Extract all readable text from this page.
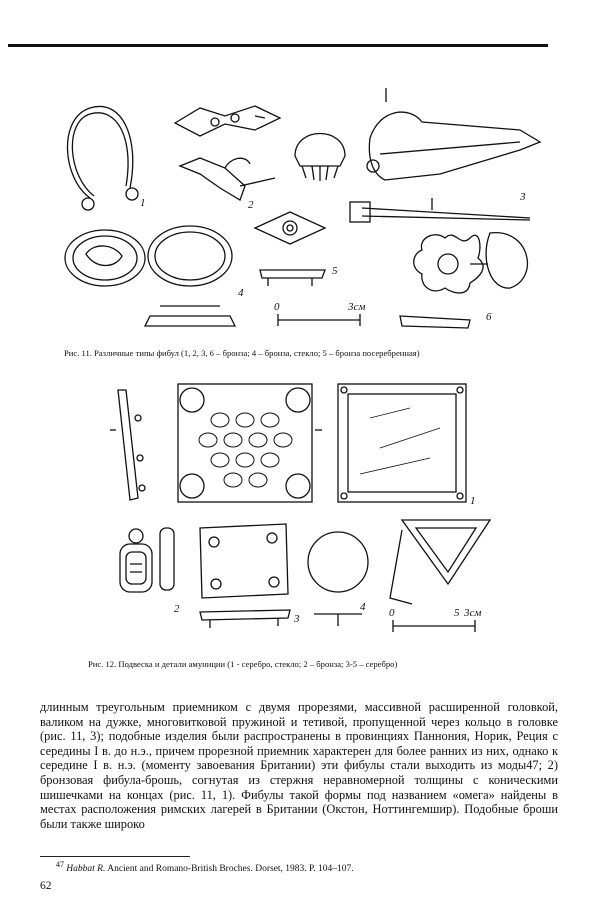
1	2
3
4
5
6
0	3см
Рис. 11. Различные типы фибул (1, 2, 3, 6 – бронза; 4 – бронза, стекло; 5 – бронза посеребренная)
1
2
3
4	5
0	3см
Рис. 12. Подвеска и детали амуниции (1 - серебро, стекло; 2 – бронза; 3-5 – серебро)

длинным треугольным приемником с двумя прорезями, массивной расширенной головкой, валиком на дужке, многовитковой пружиной и тетивой, пропущенной через кольцо в головке (рис. 11, 3); подобные изделия были распространены в провинциях Паннония, Норик, Реция с середины I в. до н.э., причем прорезной приемник характерен для более ранних из них, однако к середине I в. н.э. (моменту завоевания Британии) эти фибулы стали выходить из моды47; 2) бронзовая фибула-брошь, согнутая из стержня неравномерной толщины с коническими шишечками на концах (рис. 11, 1). Фибулы такой формы под названием «омега» найдены в местах расположения римских лагерей в Британии (Окстон, Ноттингемшир). Подобные броши были также широко

$^{47}$ Habbat R. Ancient and Romano-British Broches. Dorset, 1983. P. 104–107.
62
